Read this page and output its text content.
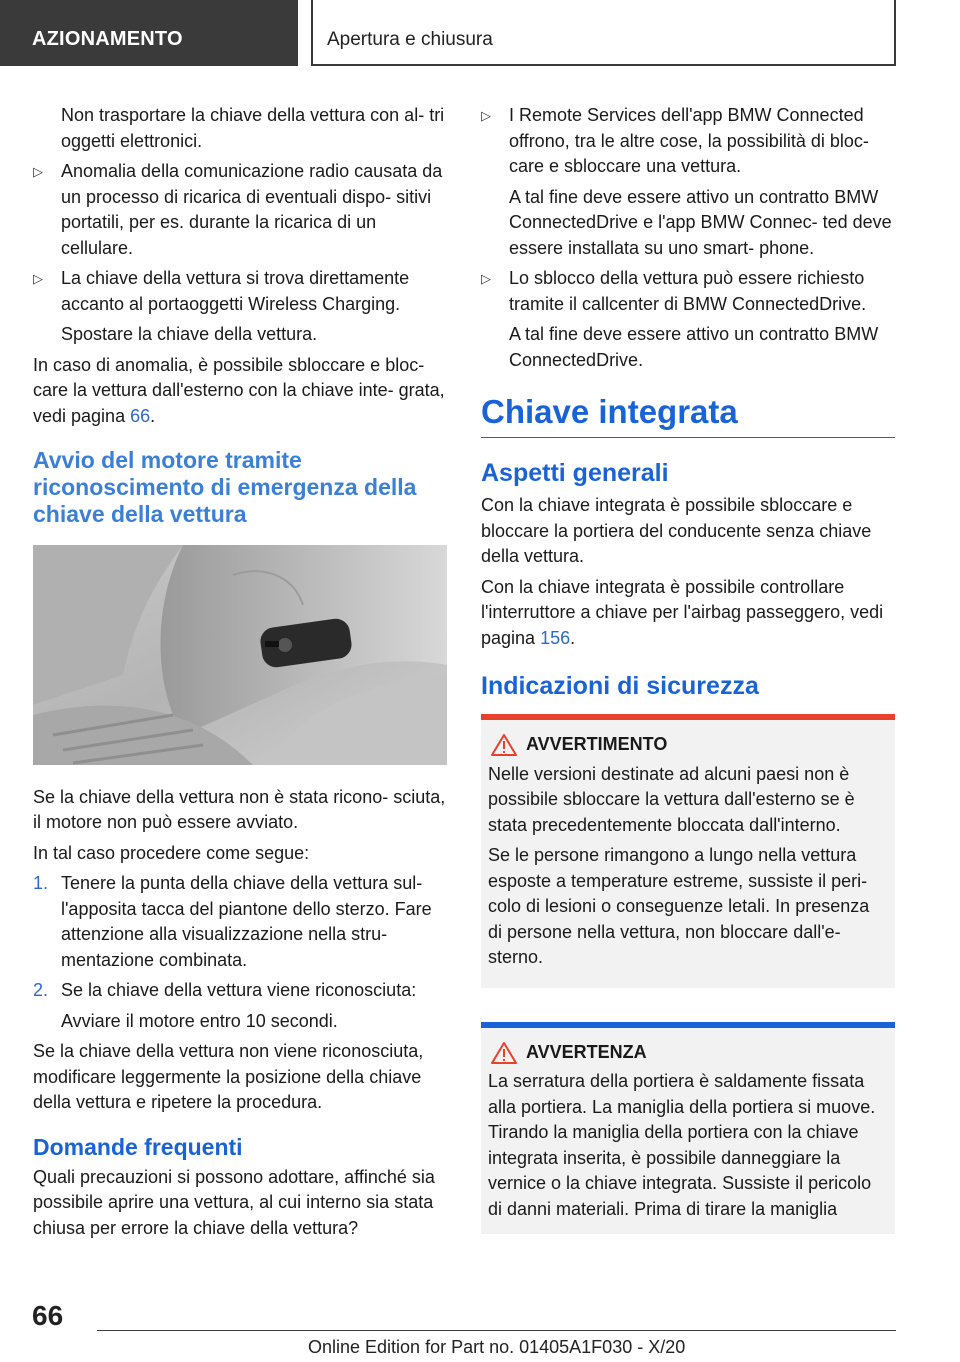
AZIONAMENTO	Apertura e chiusura

Non trasportare la chiave della vettura con al- tri oggetti elettronici.

▷ Anomalia della comunicazione radio causata da un processo di ricarica di eventuali dispo- sitivi portatili, per es. durante la ricarica di un cellulare.
▷ La chiave della vettura si trova direttamente accanto al portaoggetti Wireless Charging.

Spostare la chiave della vettura.

In caso di anomalia, è possibile sbloccare e bloc- care la vettura dall'esterno con la chiave inte- grata, vedi pagina 66.

Avvio del motore tramite riconoscimento di emergenza della chiave della vettura

Se la chiave della vettura non è stata ricono- sciuta, il motore non può essere avviato.

In tal caso procedere come segue:

1. Tenere la punta della chiave della vettura sul- l'apposita tacca del piantone dello sterzo. Fare attenzione alla visualizzazione nella stru- mentazione combinata.
2. Se la chiave della vettura viene riconosciuta:

Avviare il motore entro 10 secondi.

Se la chiave della vettura non viene riconosciuta, modificare leggermente la posizione della chiave della vettura e ripetere la procedura.

Domande frequenti

Quali precauzioni si possono adottare, affinché sia possibile aprire una vettura, al cui interno sia stata chiusa per errore la chiave della vettura?

▷ I Remote Services dell'app BMW Connected offrono, tra le altre cose, la possibilità di bloc- care e sbloccare una vettura.

A tal fine deve essere attivo un contratto BMW ConnectedDrive e l'app BMW Connec- ted deve essere installata su uno smart- phone.

▷ Lo sblocco della vettura può essere richiesto tramite il callcenter di BMW ConnectedDrive.

A tal fine deve essere attivo un contratto BMW ConnectedDrive.

Chiave integrata
Aspetti generali

Con la chiave integrata è possibile sbloccare e bloccare la portiera del conducente senza chiave della vettura.

Con la chiave integrata è possibile controllare l'interruttore a chiave per l'airbag passeggero, vedi pagina 156.

Indicazioni di sicurezza
AVVERTIMENTO

Nelle versioni destinate ad alcuni paesi non è possibile sbloccare la vettura dall'esterno se è stata precedentemente bloccata dall'interno.

Se le persone rimangono a lungo nella vettura esposte a temperature estreme, sussiste il peri- colo di lesioni o conseguenze letali. In presenza di persone nella vettura, non bloccare dall'e- sterno.

AVVERTENZA

La serratura della portiera è saldamente fissata alla portiera. La maniglia della portiera si muove. Tirando la maniglia della portiera con la chiave integrata inserita, è possibile danneggiare la vernice o la chiave integrata. Sussiste il pericolo di danni materiali. Prima di tirare la maniglia

66
Online Edition for Part no. 01405A1F030 - X/20
